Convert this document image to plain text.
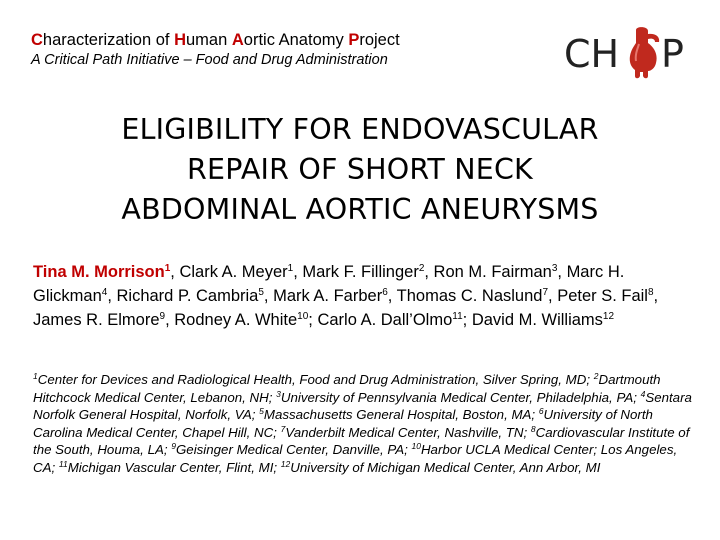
Characterization of Human Aortic Anatomy Project
A Critical Path Initiative – Food and Drug Administration	CH P
ELIGIBILITY FOR ENDOVASCULAR
REPAIR OF SHORT NECK
ABDOMINAL AORTIC ANEURYSMS
Tina M. Morrison$^1$, Clark A. Meyer$^1$, Mark F. Fillinger$^2$, Ron M. Fairman$^3$, Marc H. Glickman$^4$, Richard P. Cambria$^5$, Mark A. Farber$^6$, Thomas C. Naslund$^7$, Peter S. Fail$^8$, James R. Elmore$^9$, Rodney A. White$^{10}$; Carlo A. Dall’Olmo$^{11}$; David M. Williams$^{12}$
$^1$Center for Devices and Radiological Health, Food and Drug Administration, Silver Spring, MD; $^2$Dartmouth Hitchcock Medical Center, Lebanon, NH; $^3$University of Pennsylvania Medical Center, Philadelphia, PA; $^4$Sentara Norfolk General Hospital, Norfolk, VA; $^5$Massachusetts General Hospital, Boston, MA; $^6$University of North Carolina Medical Center, Chapel Hill, NC; $^7$Vanderbilt Medical Center, Nashville, TN; $^8$Cardiovascular Institute of the South, Houma, LA; $^9$Geisinger Medical Center, Danville, PA; $^{10}$Harbor UCLA Medical Center; Los Angeles, CA; $^{11}$Michigan Vascular Center, Flint, MI; $^{12}$University of Michigan Medical Center, Ann Arbor, MI
